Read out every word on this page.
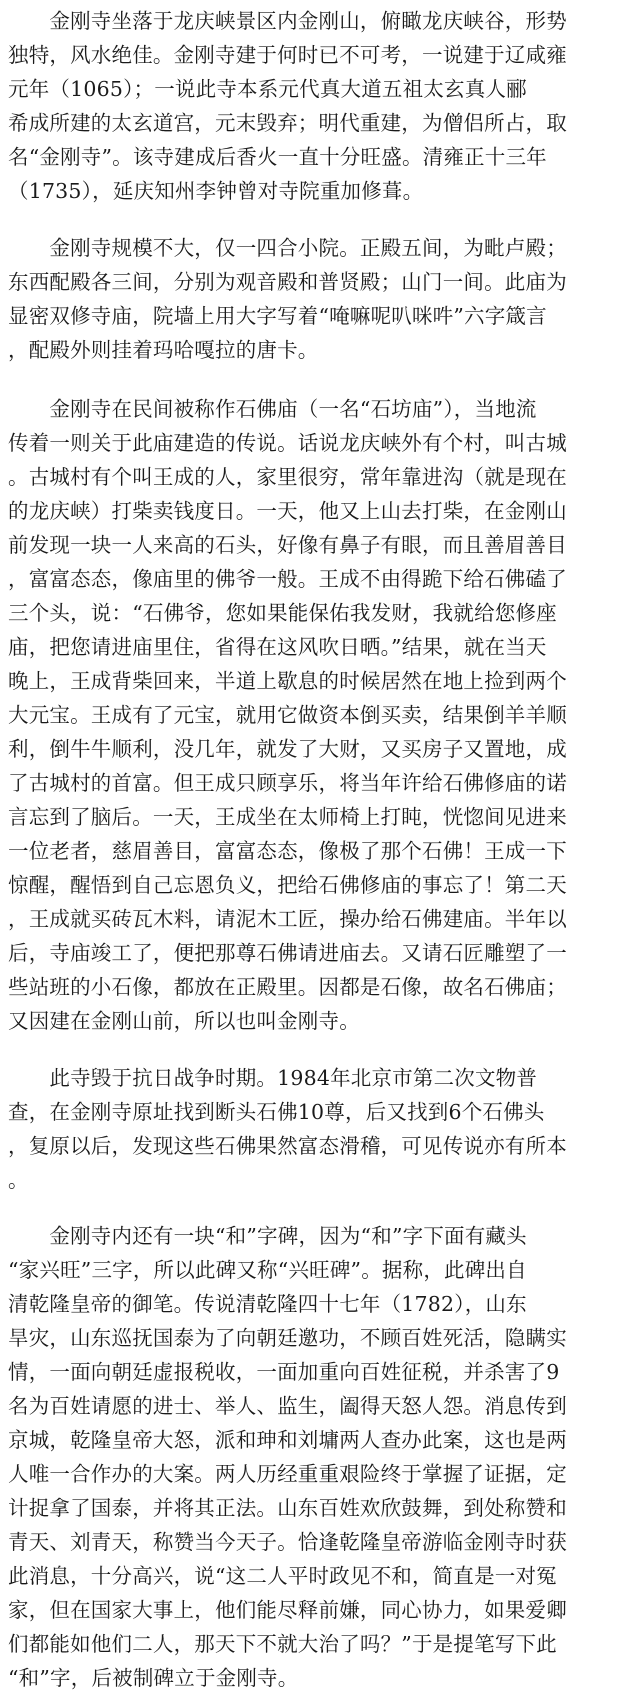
　　金刚寺坐落于龙庆峡景区内金刚山，俯瞰龙庆峡谷，形势
独特，风水绝佳。金刚寺建于何时已不可考，一说建于辽咸雍
元年（1065）；一说此寺本系元代真大道五祖太玄真人郦
希成所建的太玄道宫，元末毁弃；明代重建，为僧侣所占，取
名“金刚寺”。该寺建成后香火一直十分旺盛。清雍正十三年
（1735），延庆知州李钟曾对寺院重加修葺。
　　金刚寺规模不大，仅一四合小院。正殿五间，为毗卢殿；
东西配殿各三间，分别为观音殿和普贤殿；山门一间。此庙为
显密双修寺庙，院墙上用大字写着“唵嘛呢叭咪吽”六字箴言
，配殿外则挂着玛哈嘎拉的唐卡。
　　金刚寺在民间被称作石佛庙（一名“石坊庙”），当地流
传着一则关于此庙建造的传说。话说龙庆峡外有个村，叫古城
。古城村有个叫王成的人，家里很穷，常年靠进沟（就是现在
的龙庆峡）打柴卖钱度日。一天，他又上山去打柴，在金刚山
前发现一块一人来高的石头，好像有鼻子有眼，而且善眉善目
，富富态态，像庙里的佛爷一般。王成不由得跪下给石佛磕了
三个头，说：“石佛爷，您如果能保佑我发财，我就给您修座
庙，把您请进庙里住，省得在这风吹日晒。”结果，就在当天
晚上，王成背柴回来，半道上歇息的时候居然在地上捡到两个
大元宝。王成有了元宝，就用它做资本倒买卖，结果倒羊羊顺
利，倒牛牛顺利，没几年，就发了大财，又买房子又置地，成
了古城村的首富。但王成只顾享乐，将当年许给石佛修庙的诺
言忘到了脑后。一天，王成坐在太师椅上打盹，恍惚间见进来
一位老者，慈眉善目，富富态态，像极了那个石佛！王成一下
惊醒，醒悟到自己忘恩负义，把给石佛修庙的事忘了！第二天
，王成就买砖瓦木料，请泥木工匠，操办给石佛建庙。半年以
后，寺庙竣工了，便把那尊石佛请进庙去。又请石匠雕塑了一
些站班的小石像，都放在正殿里。因都是石像，故名石佛庙；
又因建在金刚山前，所以也叫金刚寺。
　　此寺毁于抗日战争时期。1984年北京市第二次文物普
查，在金刚寺原址找到断头石佛10尊，后又找到6个石佛头
，复原以后，发现这些石佛果然富态滑稽，可见传说亦有所本
。
　　金刚寺内还有一块“和”字碑，因为“和”字下面有藏头
“家兴旺”三字，所以此碑又称“兴旺碑”。据称，此碑出自
清乾隆皇帝的御笔。传说清乾隆四十七年（1782），山东
旱灾，山东巡抚国泰为了向朝廷邀功，不顾百姓死活，隐瞒实
情，一面向朝廷虚报税收，一面加重向百姓征税，并杀害了9
名为百姓请愿的进士、举人、监生，阖得天怒人怨。消息传到
京城，乾隆皇帝大怒，派和珅和刘墉两人查办此案，这也是两
人唯一合作办的大案。两人历经重重艰险终于掌握了证据，定
计捉拿了国泰，并将其正法。山东百姓欢欣鼓舞，到处称赞和
青天、刘青天，称赞当今天子。恰逢乾隆皇帝游临金刚寺时获
此消息，十分高兴，说“这二人平时政见不和，简直是一对冤
家，但在国家大事上，他们能尽释前嫌，同心协力，如果爱卿
们都能如他们二人，那天下不就大治了吗？”于是提笔写下此
“和”字，后被制碑立于金刚寺。
